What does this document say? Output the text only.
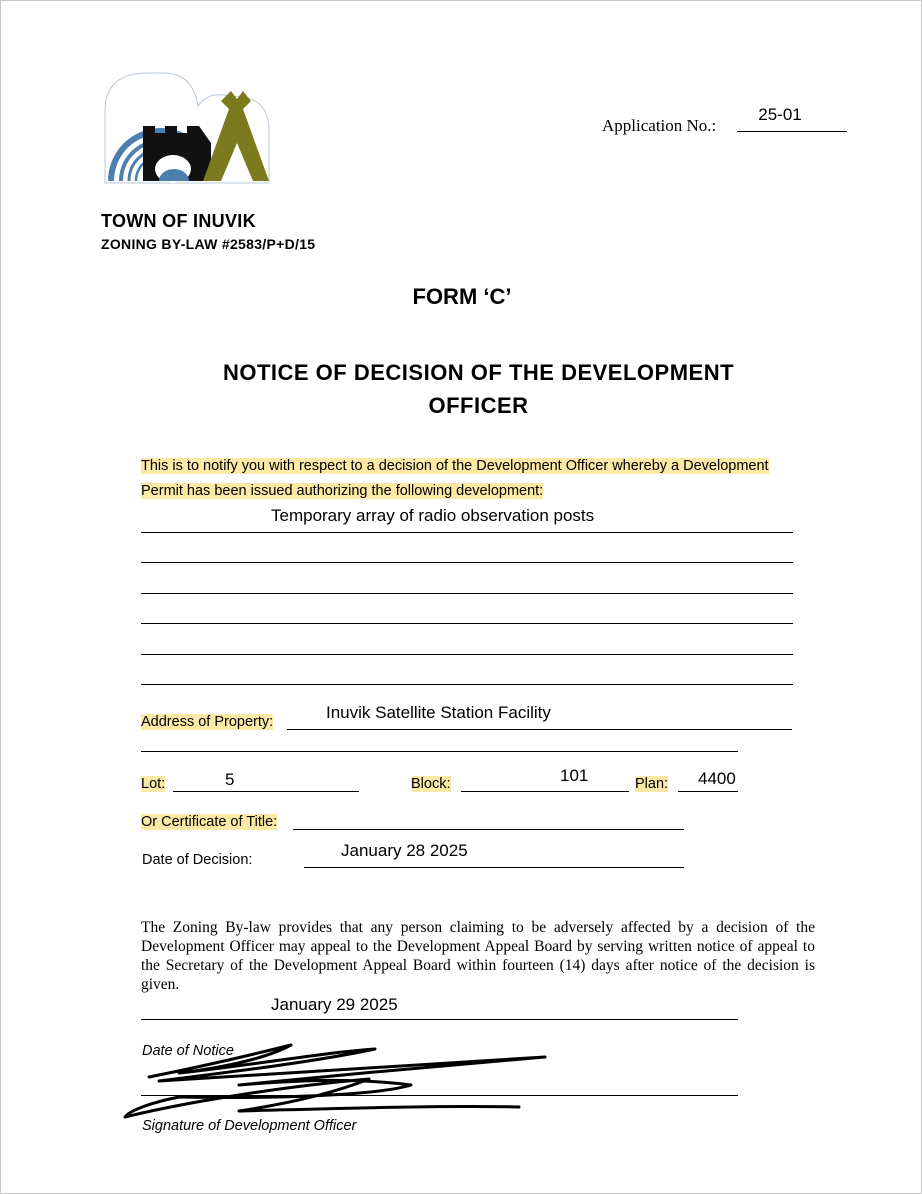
Application No.:
25-01
TOWN OF INUVIK
ZONING BY-LAW #2583/P+D/15
FORM ‘C’
NOTICE OF DECISION OF THE DEVELOPMENT
OFFICER
This is to notify you with respect to a decision of the Development Officer whereby a Development
Permit has been issued authorizing the following development:
Temporary array of radio observation posts
Address of Property:	Inuvik Satellite Station Facility
Lot:	5	Block:	101	Plan: 4400
Or Certificate of Title:
Date of Decision:	January 28 2025
The Zoning By-law provides that any person claiming to be adversely affected by a decision of the Development Officer may appeal to the Development Appeal Board by serving written notice of appeal to the Secretary of the Development Appeal Board within fourteen (14) days after notice of the decision is given.
January 29 2025
Date of Notice
Signature of Development Officer
